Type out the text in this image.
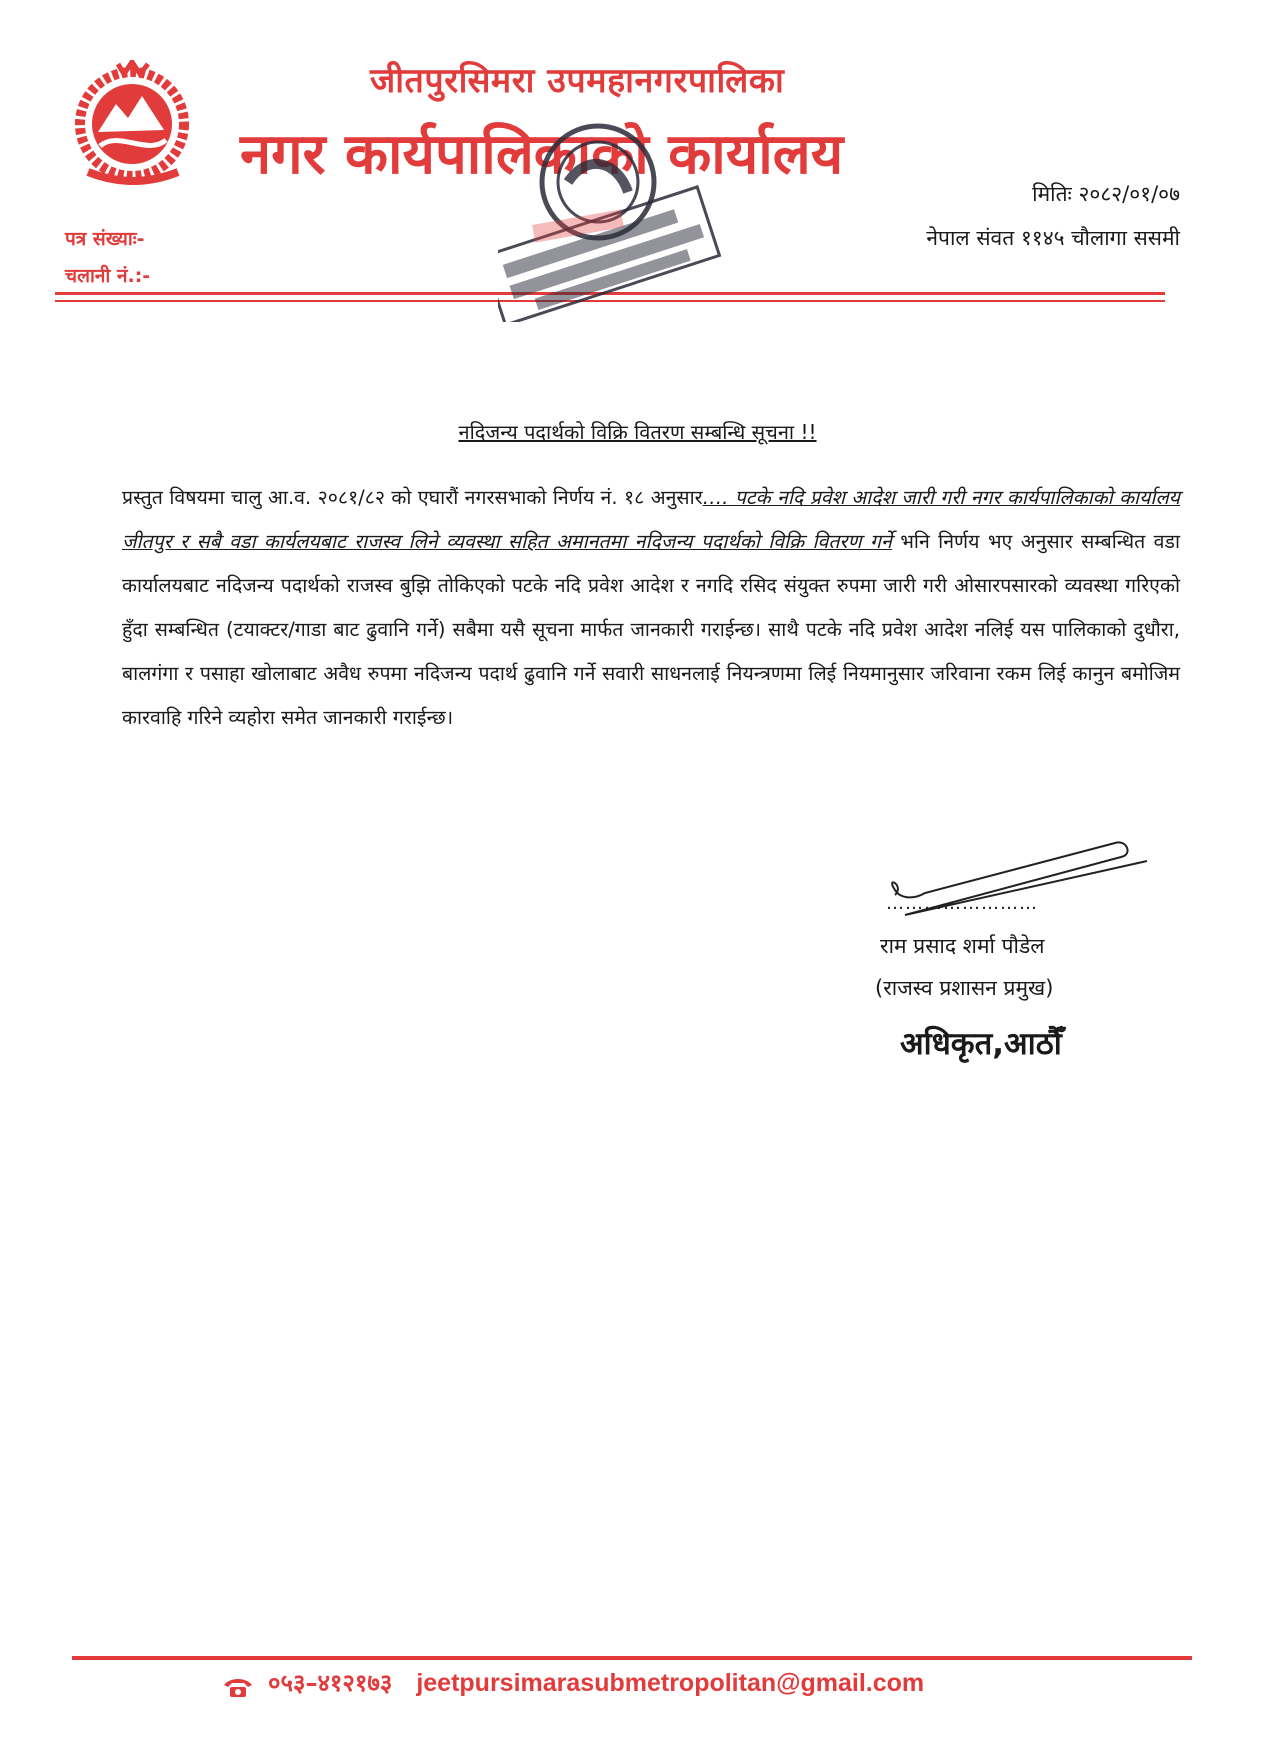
जीतपुरसिमरा उपमहानगरपालिका
नगर कार्यपालिकाको कार्यालय
मितिः २०८२/०१/०७
नेपाल संवत ११४५ चौलागा ससमी
पत्र संख्याः-
चलानी नं.:-
नदिजन्य पदार्थको विक्रि वितरण सम्बन्धि सूचना !!
प्रस्तुत विषयमा चालु आ.व. २०८१/८२ को एघारौं नगरसभाको निर्णय नं. १८ अनुसार…. पटके नदि प्रवेश आदेश जारी गरी नगर कार्यपालिकाको कार्यालय जीतपुर र सबै वडा कार्यलयबाट राजस्व लिने व्यवस्था सहित अमानतमा नदिजन्य पदार्थको विक्रि वितरण गर्ने भनि निर्णय भए अनुसार सम्बन्धित वडा कार्यालयबाट नदिजन्य पदार्थको राजस्व बुझि तोकिएको पटके नदि प्रवेश आदेश र नगदि रसिद संयुक्त रुपमा जारी गरी ओसारपसारको व्यवस्था गरिएको हुँदा सम्बन्धित (टयाक्टर/गाडा बाट ढुवानि गर्ने) सबैमा यसै सूचना मार्फत जानकारी गराईन्छ। साथै पटके नदि प्रवेश आदेश नलिई यस पालिकाको दुधौरा, बालगंगा र पसाहा खोलाबाट अवैध रुपमा नदिजन्य पदार्थ ढुवानि गर्ने सवारी साधनलाई नियन्त्रणमा लिई नियमानुसार जरिवाना रकम लिई कानुन बमोजिम कारवाहि गरिने व्यहोरा समेत जानकारी गराईन्छ।
……………………
राम प्रसाद शर्मा पौडेल
(राजस्व प्रशासन प्रमुख)
अधिकृत,आठौँ
०५३–४१२१७३ jeetpursimarasubmetropolitan@gmail.com
